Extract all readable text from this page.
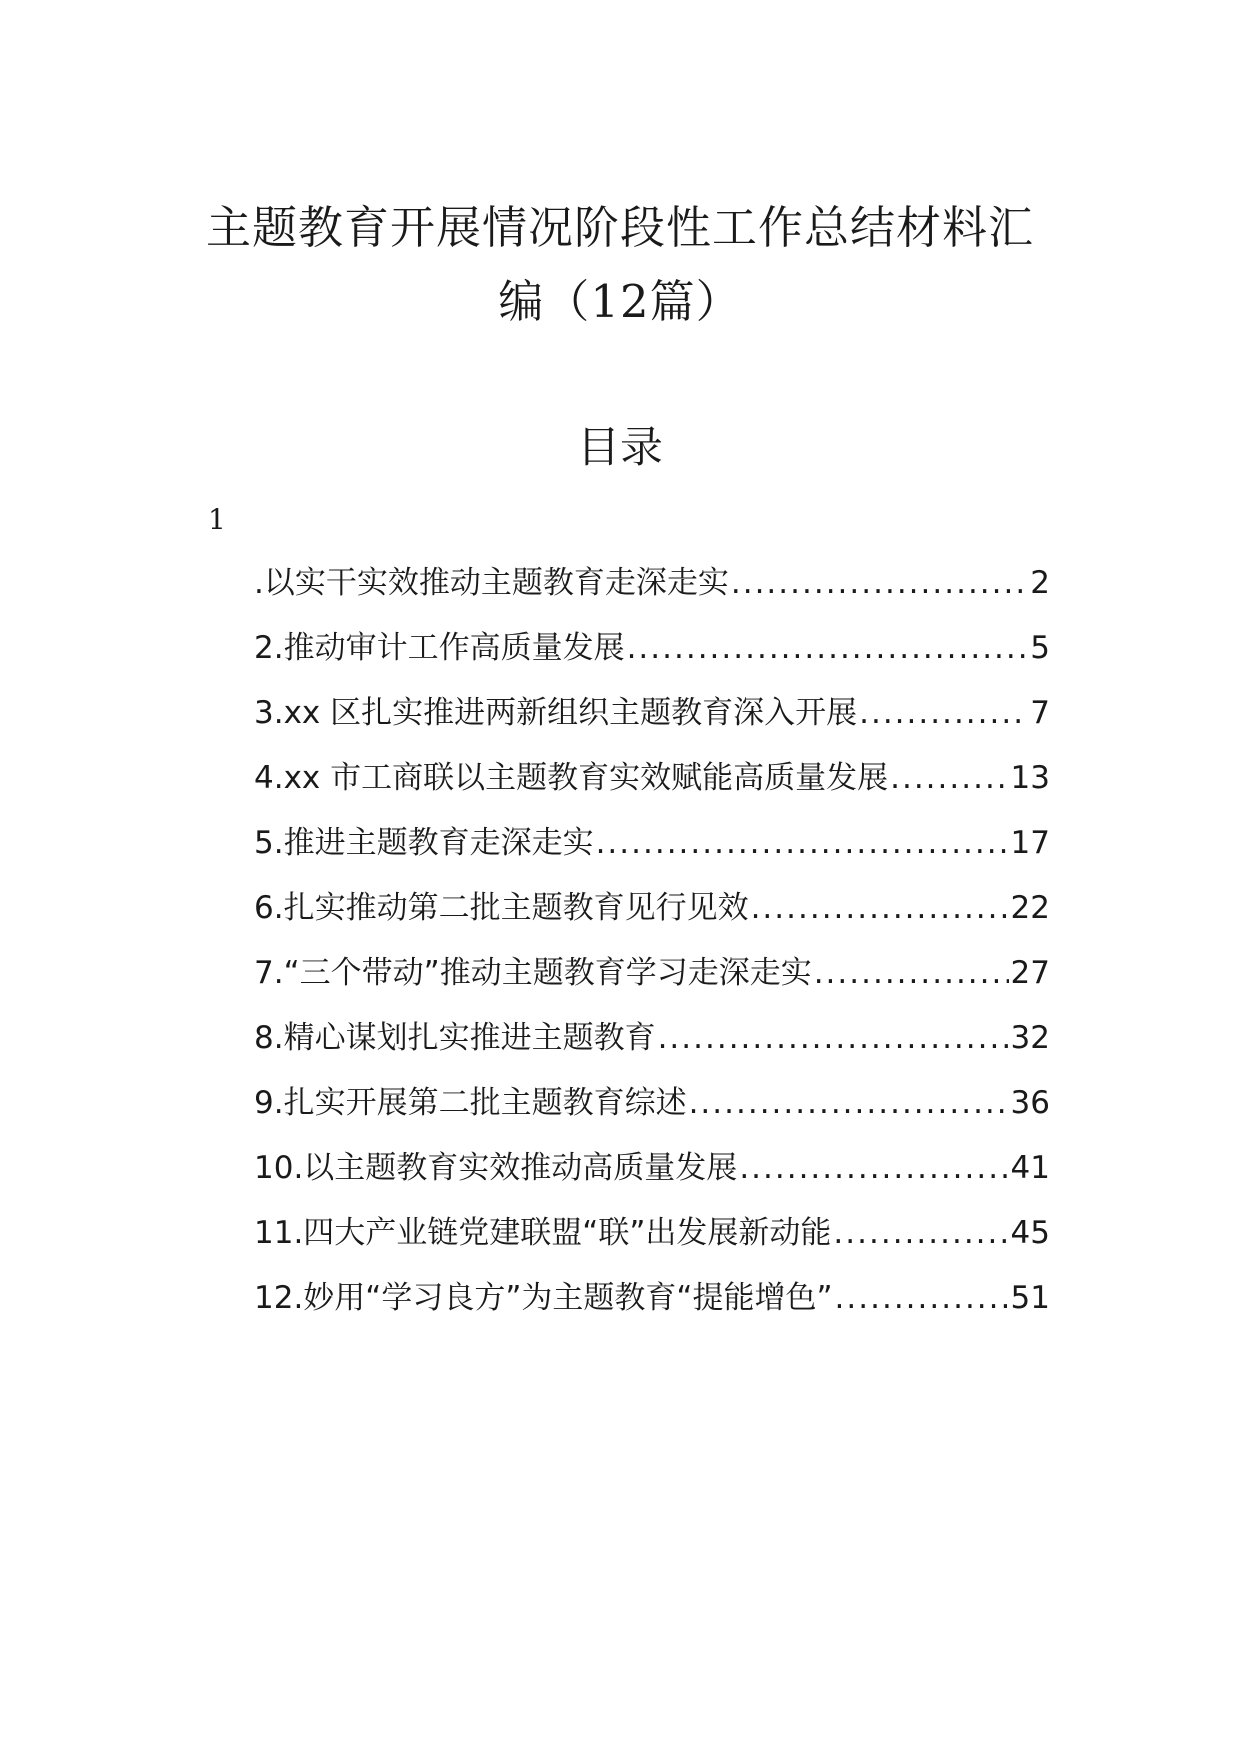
主题教育开展情况阶段性工作总结材料汇
编（12篇）
目录
1
.以实干实效推动主题教育走深走实 .....	2
2.推动审计工作高质量发展 .....	5
3.xx 区扎实推进两新组织主题教育深入开展 .....	7
4.xx 市工商联以主题教育实效赋能高质量发展 .....	13
5.推进主题教育走深走实 .....	17
6.扎实推动第二批主题教育见行见效 .....	22
7.“三个带动”推动主题教育学习走深走实 .....	27
8.精心谋划扎实推进主题教育 .....	32
9.扎实开展第二批主题教育综述 .....	36
10.以主题教育实效推动高质量发展 .....	41
11.四大产业链党建联盟“联”出发展新动能 .....	45
12.妙用“学习良方”为主题教育“提能增色” .....	51
